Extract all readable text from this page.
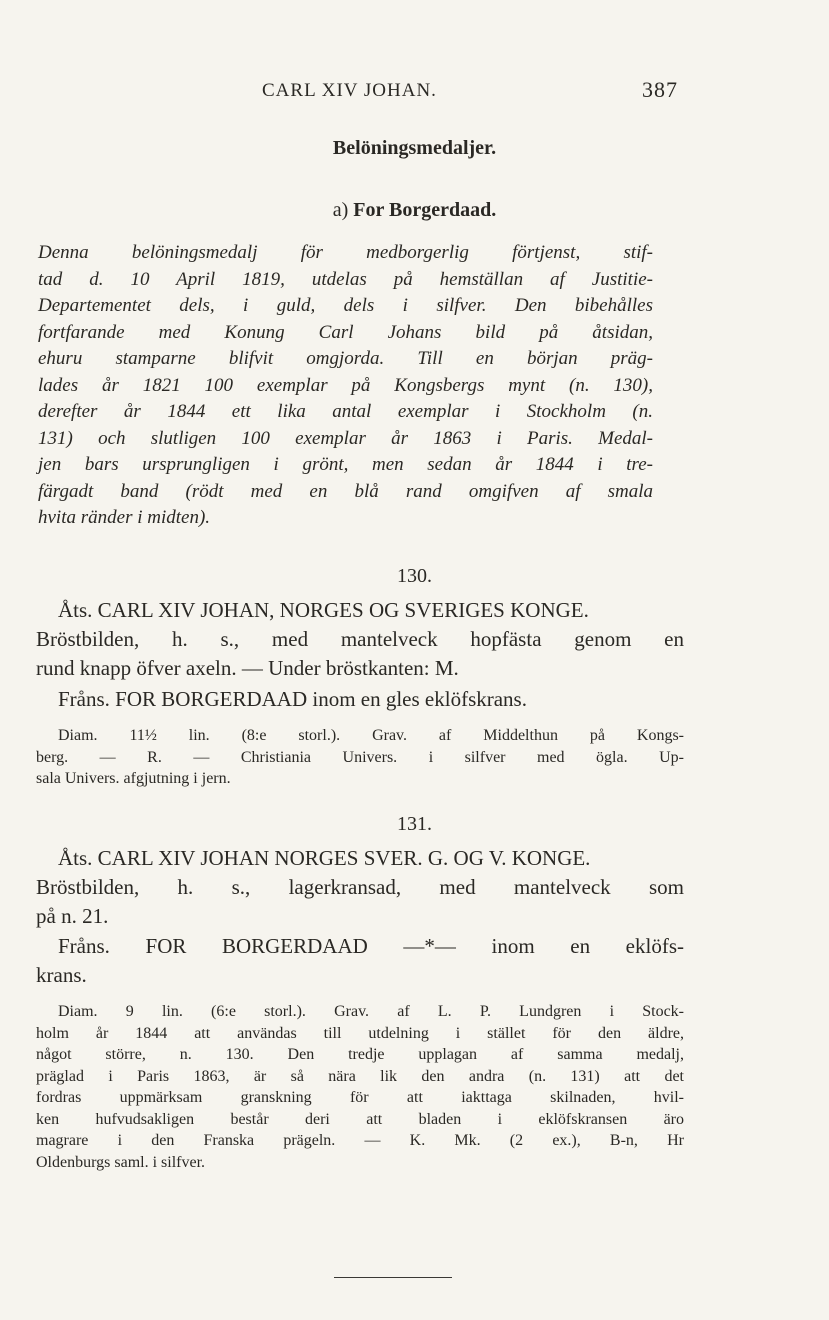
CARL XIV JOHAN.	387
Belöningsmedaljer.
a) For Borgerdaad.
Denna belöningsmedalj för medborgerlig förtjenst, stif-
tad d. 10 April 1819, utdelas på hemställan af Justitie-
Departementet dels, i guld, dels i silfver. Den bibehålles
fortfarande med Konung Carl Johans bild på åtsidan,
ehuru stamparne blifvit omgjorda. Till en början präg-
lades år 1821 100 exemplar på Kongsbergs mynt (n. 130),
derefter år 1844 ett lika antal exemplar i Stockholm (n.
131) och slutligen 100 exemplar år 1863 i Paris. Medal-
jen bars ursprungligen i grönt, men sedan år 1844 i tre-
färgadt band (rödt med en blå rand omgifven af smala
hvita ränder i midten).
130.
Åts. CARL XIV JOHAN, NORGES OG SVERIGES KONGE.
Bröstbilden, h. s., med mantelveck hopfästa genom en
rund knapp öfver axeln. — Under bröstkanten: M.
Fråns. FOR BORGERDAAD inom en gles eklöfskrans.
Diam. 11½ lin. (8:e storl.). Grav. af Middelthun på Kongs-
berg. — R. — Christiania Univers. i silfver med ögla. Up-
sala Univers. afgjutning i jern.
131.
Åts. CARL XIV JOHAN NORGES SVER. G. OG V. KONGE.
Bröstbilden, h. s., lagerkransad, med mantelveck som
på n. 21.
Fråns. FOR BORGERDAAD —*— inom en eklöfs-
krans.
Diam. 9 lin. (6:e storl.). Grav. af L. P. Lundgren i Stock-
holm år 1844 att användas till utdelning i stället för den äldre,
något större, n. 130. Den tredje upplagan af samma medalj,
präglad i Paris 1863, är så nära lik den andra (n. 131) att det
fordras uppmärksam granskning för att iakttaga skilnaden, hvil-
ken hufvudsakligen består deri att bladen i eklöfskransen äro
magrare i den Franska prägeln. — K. Mk. (2 ex.), B-n, Hr
Oldenburgs saml. i silfver.
